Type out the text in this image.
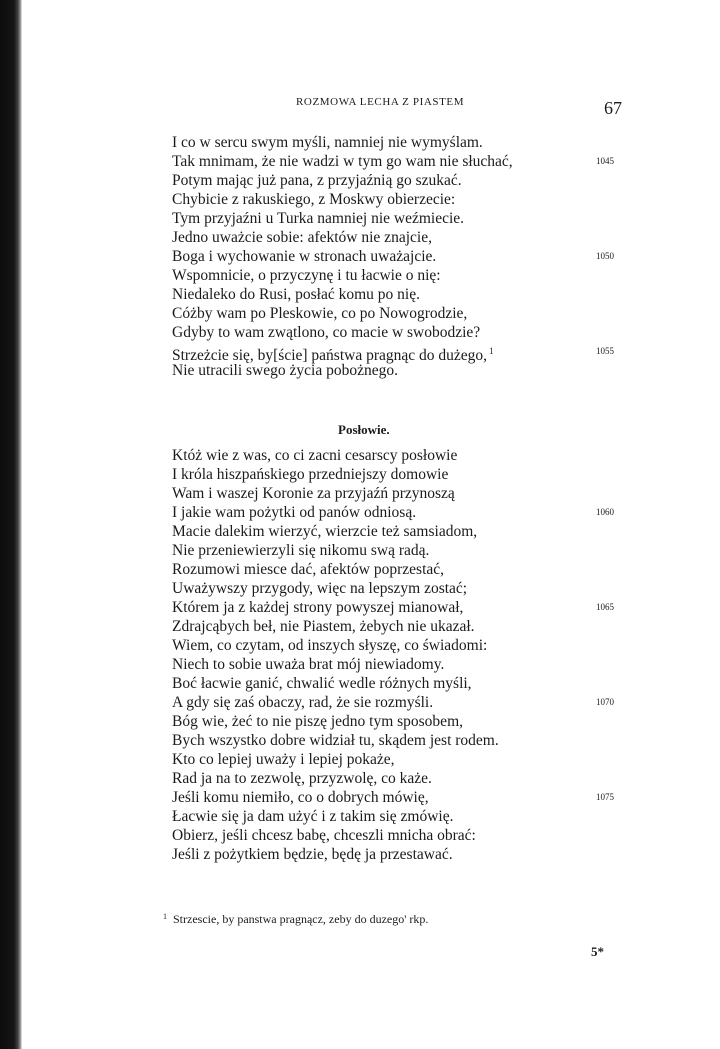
ROZMOWA LECHA Z PIASTEM	67
I co w sercu swym myśli, namniej nie wymyślam.
Tak mnimam, że nie wadzi w tym go wam nie słuchać,	1045
Potym mając już pana, z przyjaźnią go szukać.
Chybicie z rakuskiego, z Moskwy obierzecie:
Tym przyjaźni u Turka namniej nie weźmiecie.
Jedno uważcie sobie: afektów nie znajcie,
Boga i wychowanie w stronach uważajcie.	1050
Wspomnicie, o przyczynę i tu łacwie o nię:
Niedaleko do Rusi, posłać komu po nię.
Cóżby wam po Pleskowie, co po Nowogrodzie,
Gdyby to wam zwątlono, co macie w swobodzie?
Strzeżcie się, by[ście] państwa pragnąc do dużego, $^1$	1055
Nie utracili swego życia pobożnego.
Posłowie.
Któż wie z was, co ci zacni cesarscy posłowie
I króla hiszpańskiego przedniejszy domowie
Wam i waszej Koronie za przyjaźń przynoszą
I jakie wam pożytki od panów odniosą.	1060
Macie dalekim wierzyć, wierzcie też samsiadom,
Nie przeniewierzyli się nikomu swą radą.
Rozumowi miesce dać, afektów poprzestać,
Uważywszy przygody, więc na lepszym zostać;
Którem ja z każdej strony powyszej mianował,	1065
Zdrajcąbych beł, nie Piastem, żebych nie ukazał.
Wiem, co czytam, od inszych słyszę, co świadomi:
Niech to sobie uważa brat mój niewiadomy.
Boć łacwie ganić, chwalić wedle różnych myśli,
A gdy się zaś obaczy, rad, że sie rozmyśli.	1070
Bóg wie, żeć to nie piszę jedno tym sposobem,
Bych wszystko dobre widział tu, skądem jest rodem.
Kto co lepiej uważy i lepiej pokaże,
Rad ja na to zezwolę, przyzwolę, co każe.
Jeśli komu niemiło, co o dobrych mówię,	1075
Łacwie się ja dam użyć i z takim się zmówię.
Obierz, jeśli chcesz babę, chceszli mnicha obrać:
Jeśli z pożytkiem będzie, będę ja przestawać.
$^1$ Strzescie, by panstwa pragnącz, zeby do duzego' rkp.
5*
